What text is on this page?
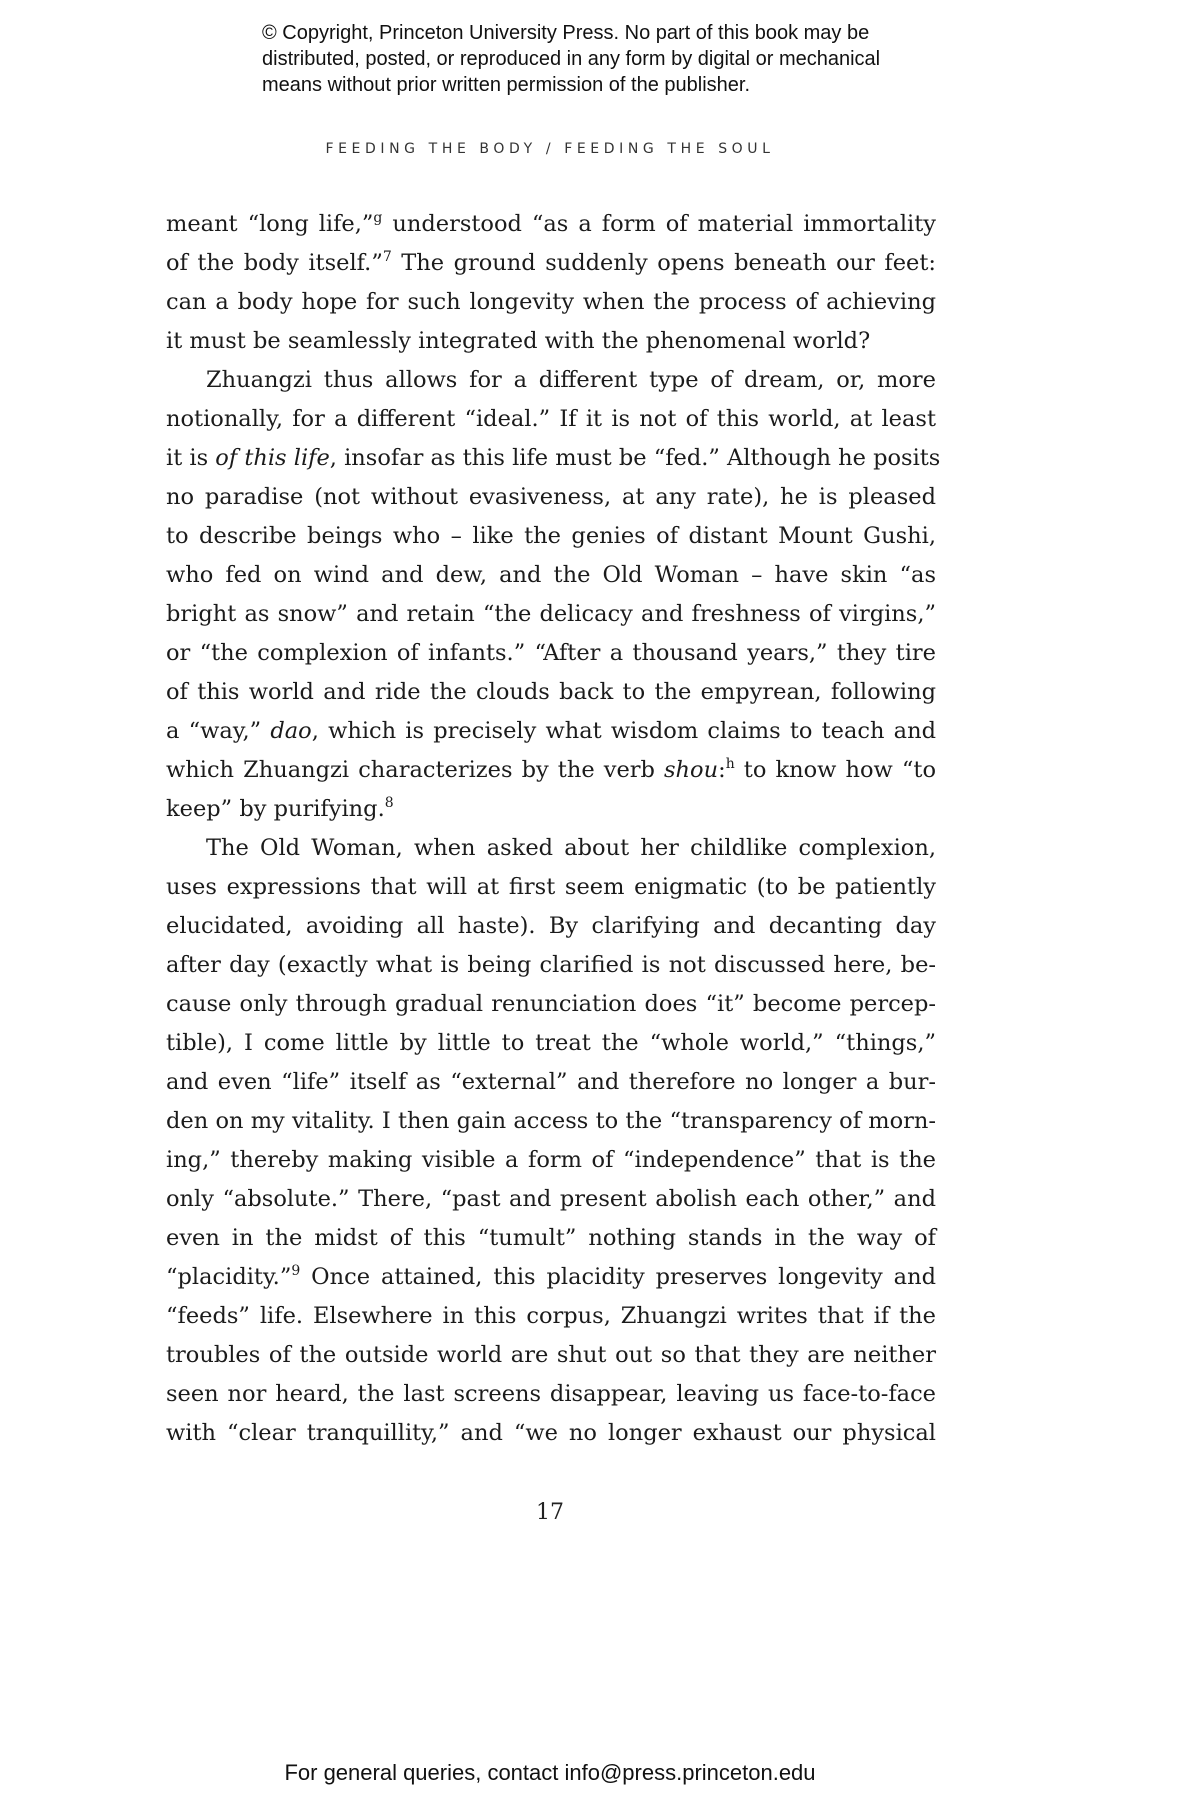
© Copyright, Princeton University Press. No part of this book may be
distributed, posted, or reproduced in any form by digital or mechanical
means without prior written permission of the publisher.
FEEDING THE BODY / FEEDING THE SOUL
meant “long life,”$^g$ understood “as a form of material immortality
of the body itself.”$^7$ The ground suddenly opens beneath our feet:
can a body hope for such longevity when the process of achieving
it must be seamlessly integrated with the phenomenal world?
Zhuangzi thus allows for a different type of dream, or, more
notionally, for a different “ideal.” If it is not of this world, at least
it is of this life, insofar as this life must be “fed.” Although he posits
no paradise (not without evasiveness, at any rate), he is pleased
to describe beings who – like the genies of distant Mount Gushi,
who fed on wind and dew, and the Old Woman – have skin “as
bright as snow” and retain “the delicacy and freshness of virgins,”
or “the complexion of infants.” “After a thousand years,” they tire
of this world and ride the clouds back to the empyrean, following
a “way,” dao, which is precisely what wisdom claims to teach and
which Zhuangzi characterizes by the verb shou:$^h$ to know how “to
keep” by purifying.$^8$
The Old Woman, when asked about her childlike complexion,
uses expressions that will at first seem enigmatic (to be patiently
elucidated, avoiding all haste). By clarifying and decanting day
after day (exactly what is being clarified is not discussed here, be-
cause only through gradual renunciation does “it” become percep-
tible), I come little by little to treat the “whole world,” “things,”
and even “life” itself as “external” and therefore no longer a bur-
den on my vitality. I then gain access to the “transparency of morn-
ing,” thereby making visible a form of “independence” that is the
only “absolute.” There, “past and present abolish each other,” and
even in the midst of this “tumult” nothing stands in the way of
“placidity.”$^9$ Once attained, this placidity preserves longevity and
“feeds” life. Elsewhere in this corpus, Zhuangzi writes that if the
troubles of the outside world are shut out so that they are neither
seen nor heard, the last screens disappear, leaving us face-to-face
with “clear tranquillity,” and “we no longer exhaust our physical
17
For general queries, contact info@press.princeton.edu
